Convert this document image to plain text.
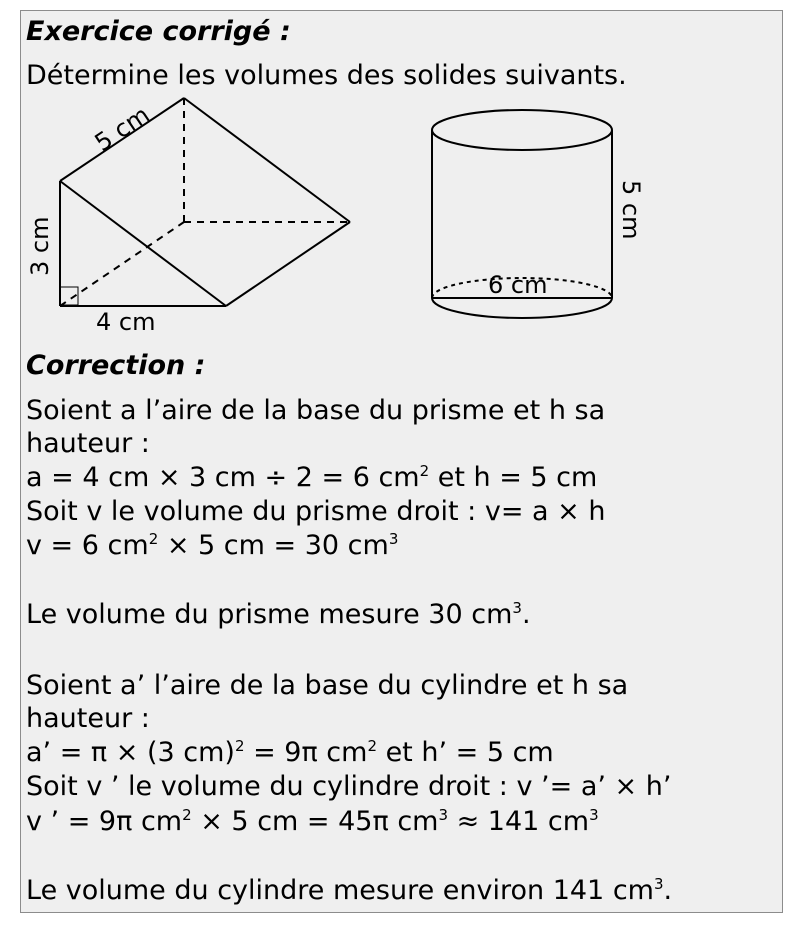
Exercice corrigé :
Détermine les volumes des solides suivants.
5 cm
3 cm
4 cm
6 cm
5 cm
Correction :
Soient a l’aire de la base du prisme et h sa
hauteur :
a = 4 cm × 3 cm ÷ 2 = 6 $cm^2$ et h = 5 cm
Soit v le volume du prisme droit : v= a × h
v = 6 $cm^2 \times 5$ cm = 30 $cm^3$
Le volume du prisme mesure 30 $cm^3$.
Soient a’ l’aire de la base du cylindre et h sa
hauteur :
a’ = π × (3 cm)$^2$ = 9π $cm^2$ et h’ = 5 cm
Soit v ’ le volume du cylindre droit : v ’= a’ × h’
v ’ = 9π $cm^2 \times 5$ cm = 45π $cm^3 \approx 141$ $cm^3$
Le volume du cylindre mesure environ 141 $cm^3$.
